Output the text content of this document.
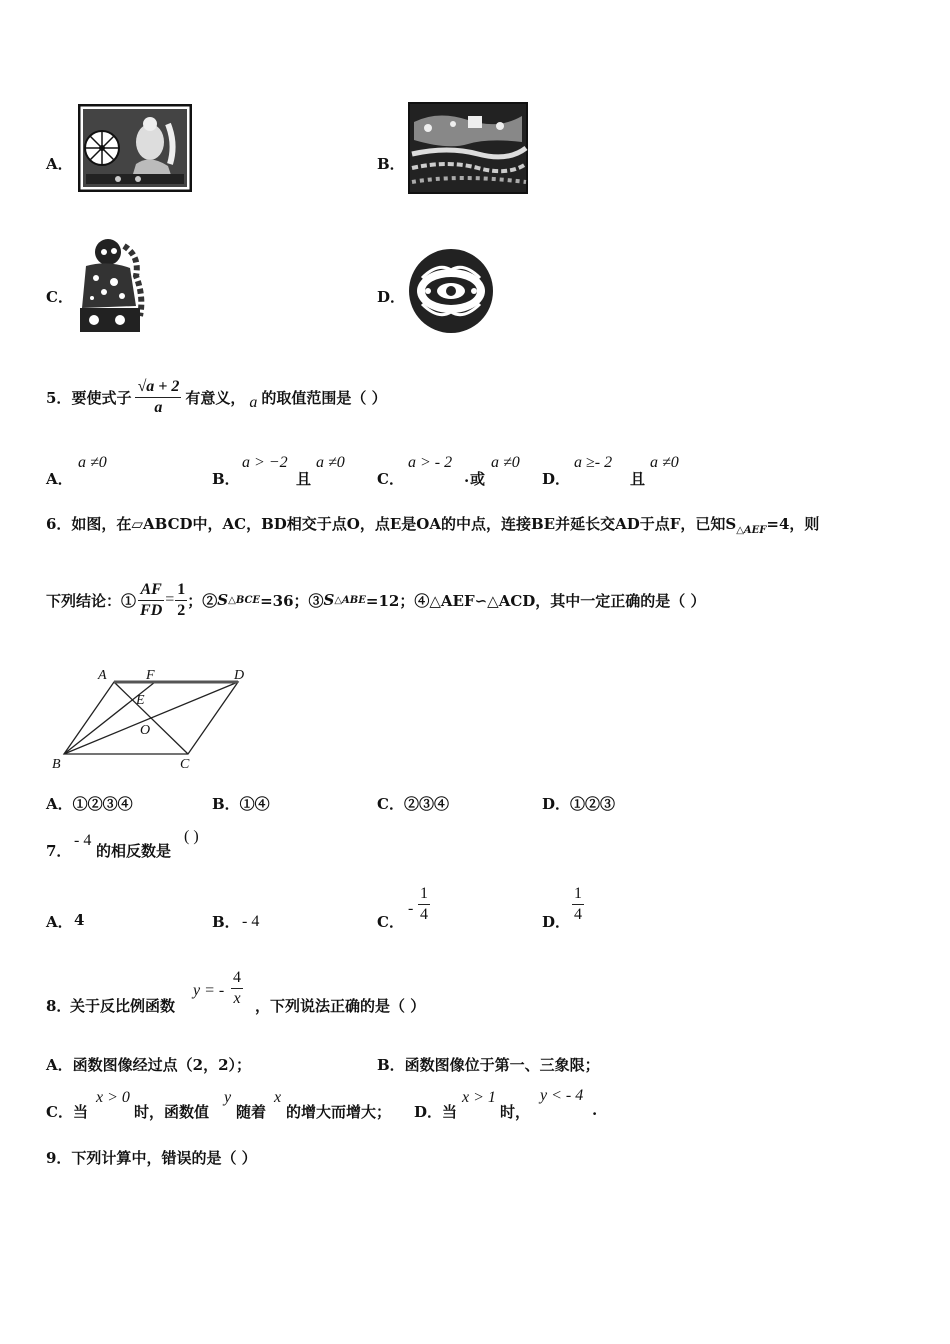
A．	B．
C．	D．
5． 要使式子 $\frac{√a + 2}{a}$ 有意义， a 的取值范围是（ ）
A．
a ≠0
B．
a > −2
且
a ≠0
C．
a > - 2
. 或
a ≠0
D．
a ≥- 2
且
a ≠0
6．如图，在▱ABCD中，AC，BD相交于点O，点E是OA的中点，连接BE并延长交AD于点F，已知$S_{\triangle AEF}=4$，则
下列结论：① $\frac{AF}{FD} = \frac{1}{2}$ ；② S △BCE =36；③ S △ABE =12；④△AEF∽△ACD，其中一定正确的是（ ）
A	F	D
E
O
B	C
A．①②③④	B．①④	C．②③④	D．①②③
7．
- 4
的相反数是
( )
A． 4	B． - 4	C．
- $\frac{1}{4}$	D． $\frac{1}{4}$
8．
关于反比例函数
y = - $\frac{4}{x}$ ，下列说法正确的是（ ）
A．函数图像经过点（2，2）；	B．函数图像位于第一、三象限；
C．当
x > 0
时，函数值
y
随着
x
的增大而增大； D．当
x > 1
时，
y < - 4
.
9．下列计算中，错误的是（ ）
